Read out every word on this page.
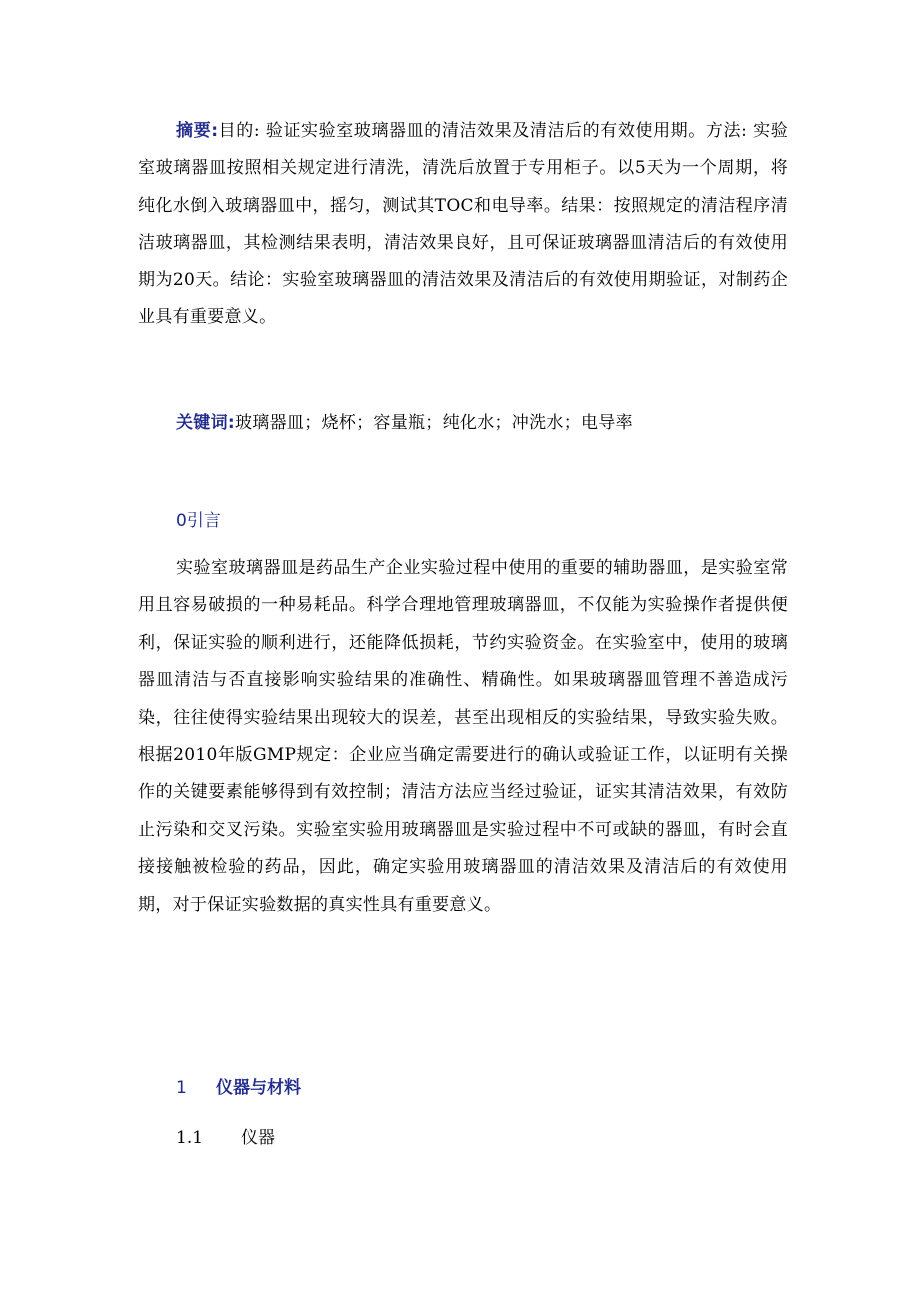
摘要:目的: 验证实验室玻璃器皿的清洁效果及清洁后的有效使用期。方法: 实验室玻璃器皿按照相关规定进行清洗，清洗后放置于专用柜子。以5天为一个周期，将纯化水倒入玻璃器皿中，摇匀，测试其TOC和电导率。结果：按照规定的清洁程序清洁玻璃器皿，其检测结果表明，清洁效果良好，且可保证玻璃器皿清洁后的有效使用期为20天。结论：实验室玻璃器皿的清洁效果及清洁后的有效使用期验证，对制药企业具有重要意义。
关键词:玻璃器皿；烧杯；容量瓶；纯化水；冲洗水；电导率
0引言
实验室玻璃器皿是药品生产企业实验过程中使用的重要的辅助器皿，是实验室常用且容易破损的一种易耗品。科学合理地管理玻璃器皿，不仅能为实验操作者提供便利，保证实验的顺利进行，还能降低损耗，节约实验资金。在实验室中，使用的玻璃器皿清洁与否直接影响实验结果的准确性、精确性。如果玻璃器皿管理不善造成污染，往往使得实验结果出现较大的误差，甚至出现相反的实验结果，导致实验失败。根据2010年版GMP规定：企业应当确定需要进行的确认或验证工作，以证明有关操作的关键要素能够得到有效控制；清洁方法应当经过验证，证实其清洁效果，有效防止污染和交叉污染。实验室实验用玻璃器皿是实验过程中不可或缺的器皿，有时会直接接触被检验的药品，因此，确定实验用玻璃器皿的清洁效果及清洁后的有效使用期，对于保证实验数据的真实性具有重要意义。
1 仪器与材料
1.1 仪器
